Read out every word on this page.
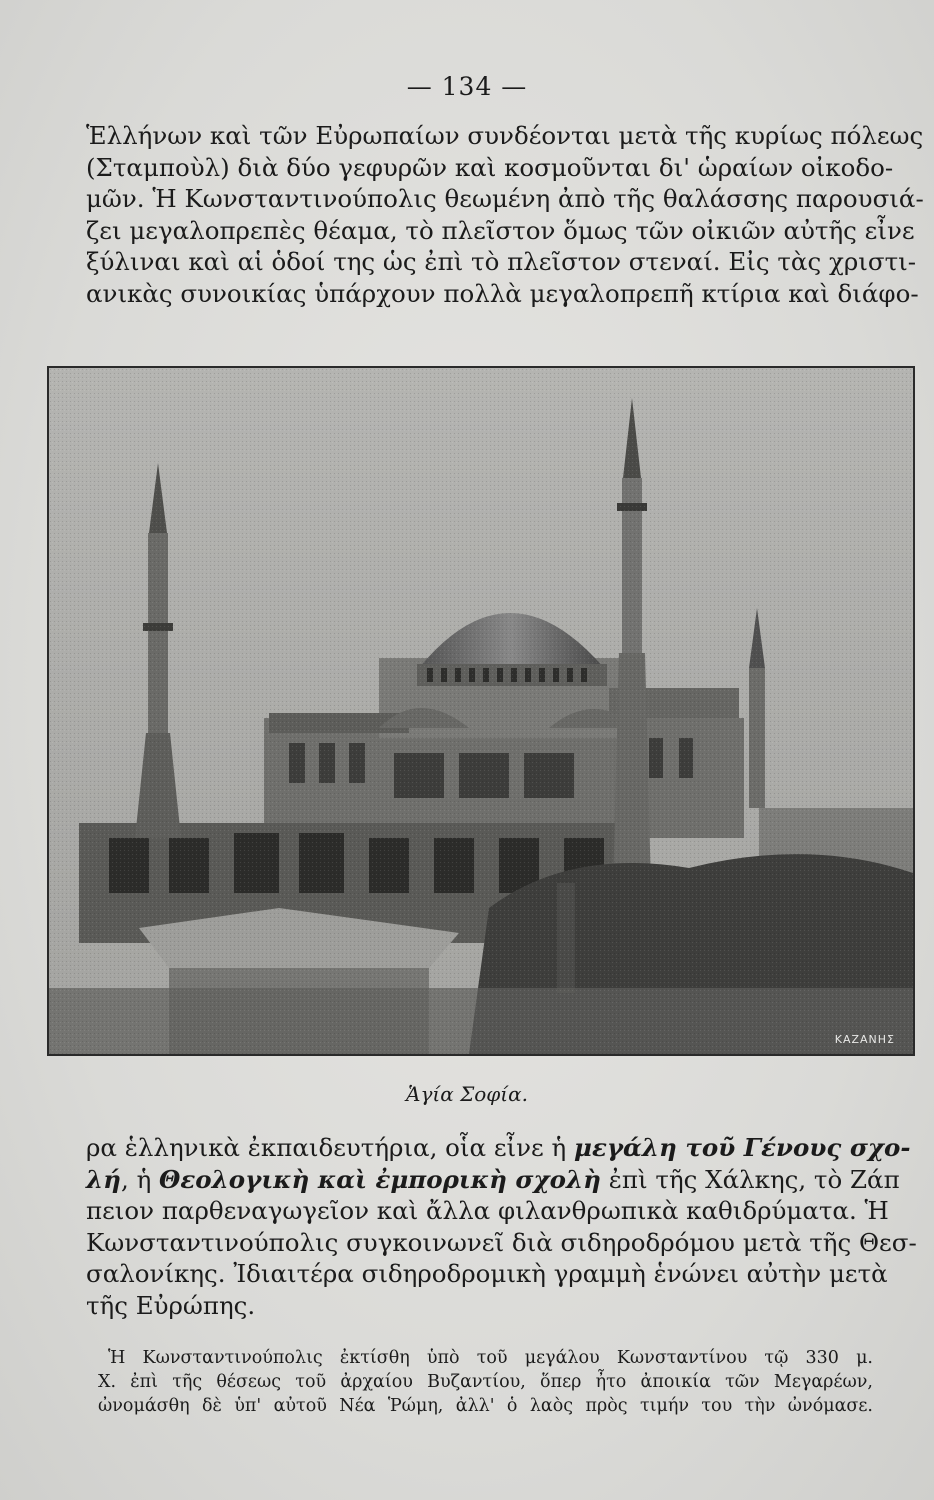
— 134 —
Ἑλλήνων καὶ τῶν Εὐρωπαίων συνδέονται μετὰ τῆς κυρίως πόλεως
(Σταμποὺλ) διὰ δύο γεφυρῶν καὶ κοσμοῦνται δι' ὡραίων οἰκοδο-
μῶν. Ἡ Κωνσταντινούπολις θεωμένη ἀπὸ τῆς θαλάσσης παρουσιά-
ζει μεγαλοπρεπὲς θέαμα, τὸ πλεῖστον ὅμως τῶν οἰκιῶν αὐτῆς εἶνε
ξύλιναι καὶ αἱ ὁδοί της ὡς ἐπὶ τὸ πλεῖστον στεναί. Εἰς τὰς χριστι-
ανικὰς συνοικίας ὑπάρχουν πολλὰ μεγαλοπρεπῆ κτίρια καὶ διάφο-
ΚΑΖΑΝΗΣ
Ἁγία Σοφία.
ρα ἑλληνικὰ ἐκπαιδευτήρια, οἷα εἶνε ἡ μεγάλη τοῦ Γένους σχο-
λή, ἡ Θεολογικὴ καὶ ἐμπορικὴ σχολὴ ἐπὶ τῆς Χάλκης, τὸ Ζάπ
πειον παρθεναγωγεῖον καὶ ἄλλα φιλανθρωπικὰ καθιδρύματα. Ἡ
Κωνσταντινούπολις συγκοινωνεῖ διὰ σιδηροδρόμου μετὰ τῆς Θεσ-
σαλονίκης. Ἰδιαιτέρα σιδηροδρομικὴ γραμμὴ ἑνώνει αὐτὴν μετὰ
τῆς Εὐρώπης.
Ἡ Κωνσταντινούπολις ἐκτίσθη ὑπὸ τοῦ μεγάλου Κωνσταντίνου τῷ 330 μ.
Χ. ἐπὶ τῆς θέσεως τοῦ ἀρχαίου Βυζαντίου, ὅπερ ἦτο ἀποικία τῶν Μεγαρέων,
ὠνομάσθη δὲ ὑπ' αὐτοῦ Νέα Ῥώμη, ἀλλ' ὁ λαὸς πρὸς τιμήν του τὴν ὠνόμασε.
